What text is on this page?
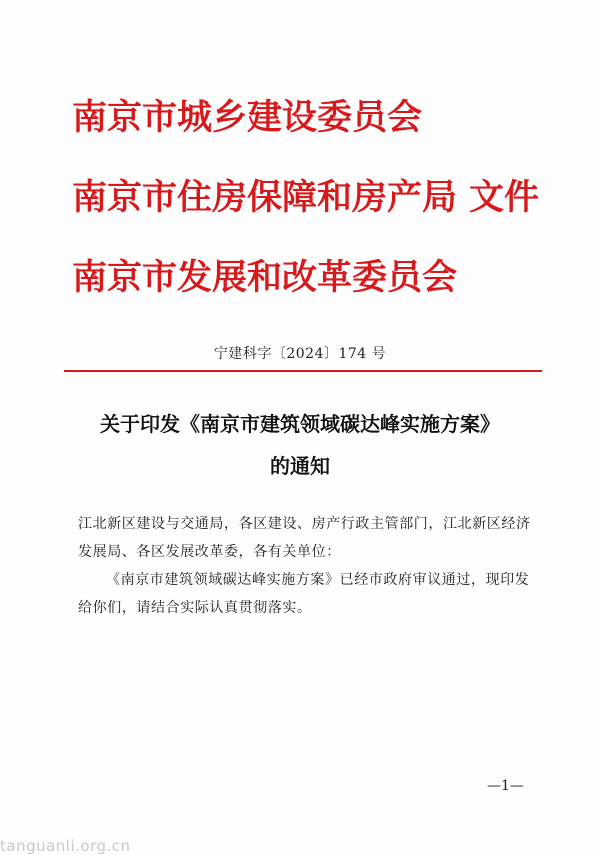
南京市城乡建设委员会
南京市住房保障和房产局 文件
南京市发展和改革委员会
宁建科字〔2024〕174 号
关于印发《南京市建筑领域碳达峰实施方案》
的通知
江北新区建设与交通局，各区建设、房产行政主管部门，江北新区经济发展局、各区发展改革委，各有关单位：
《南京市建筑领域碳达峰实施方案》已经市政府审议通过，现印发给你们，请结合实际认真贯彻落实。
—1—
tanguanli.org.cn
